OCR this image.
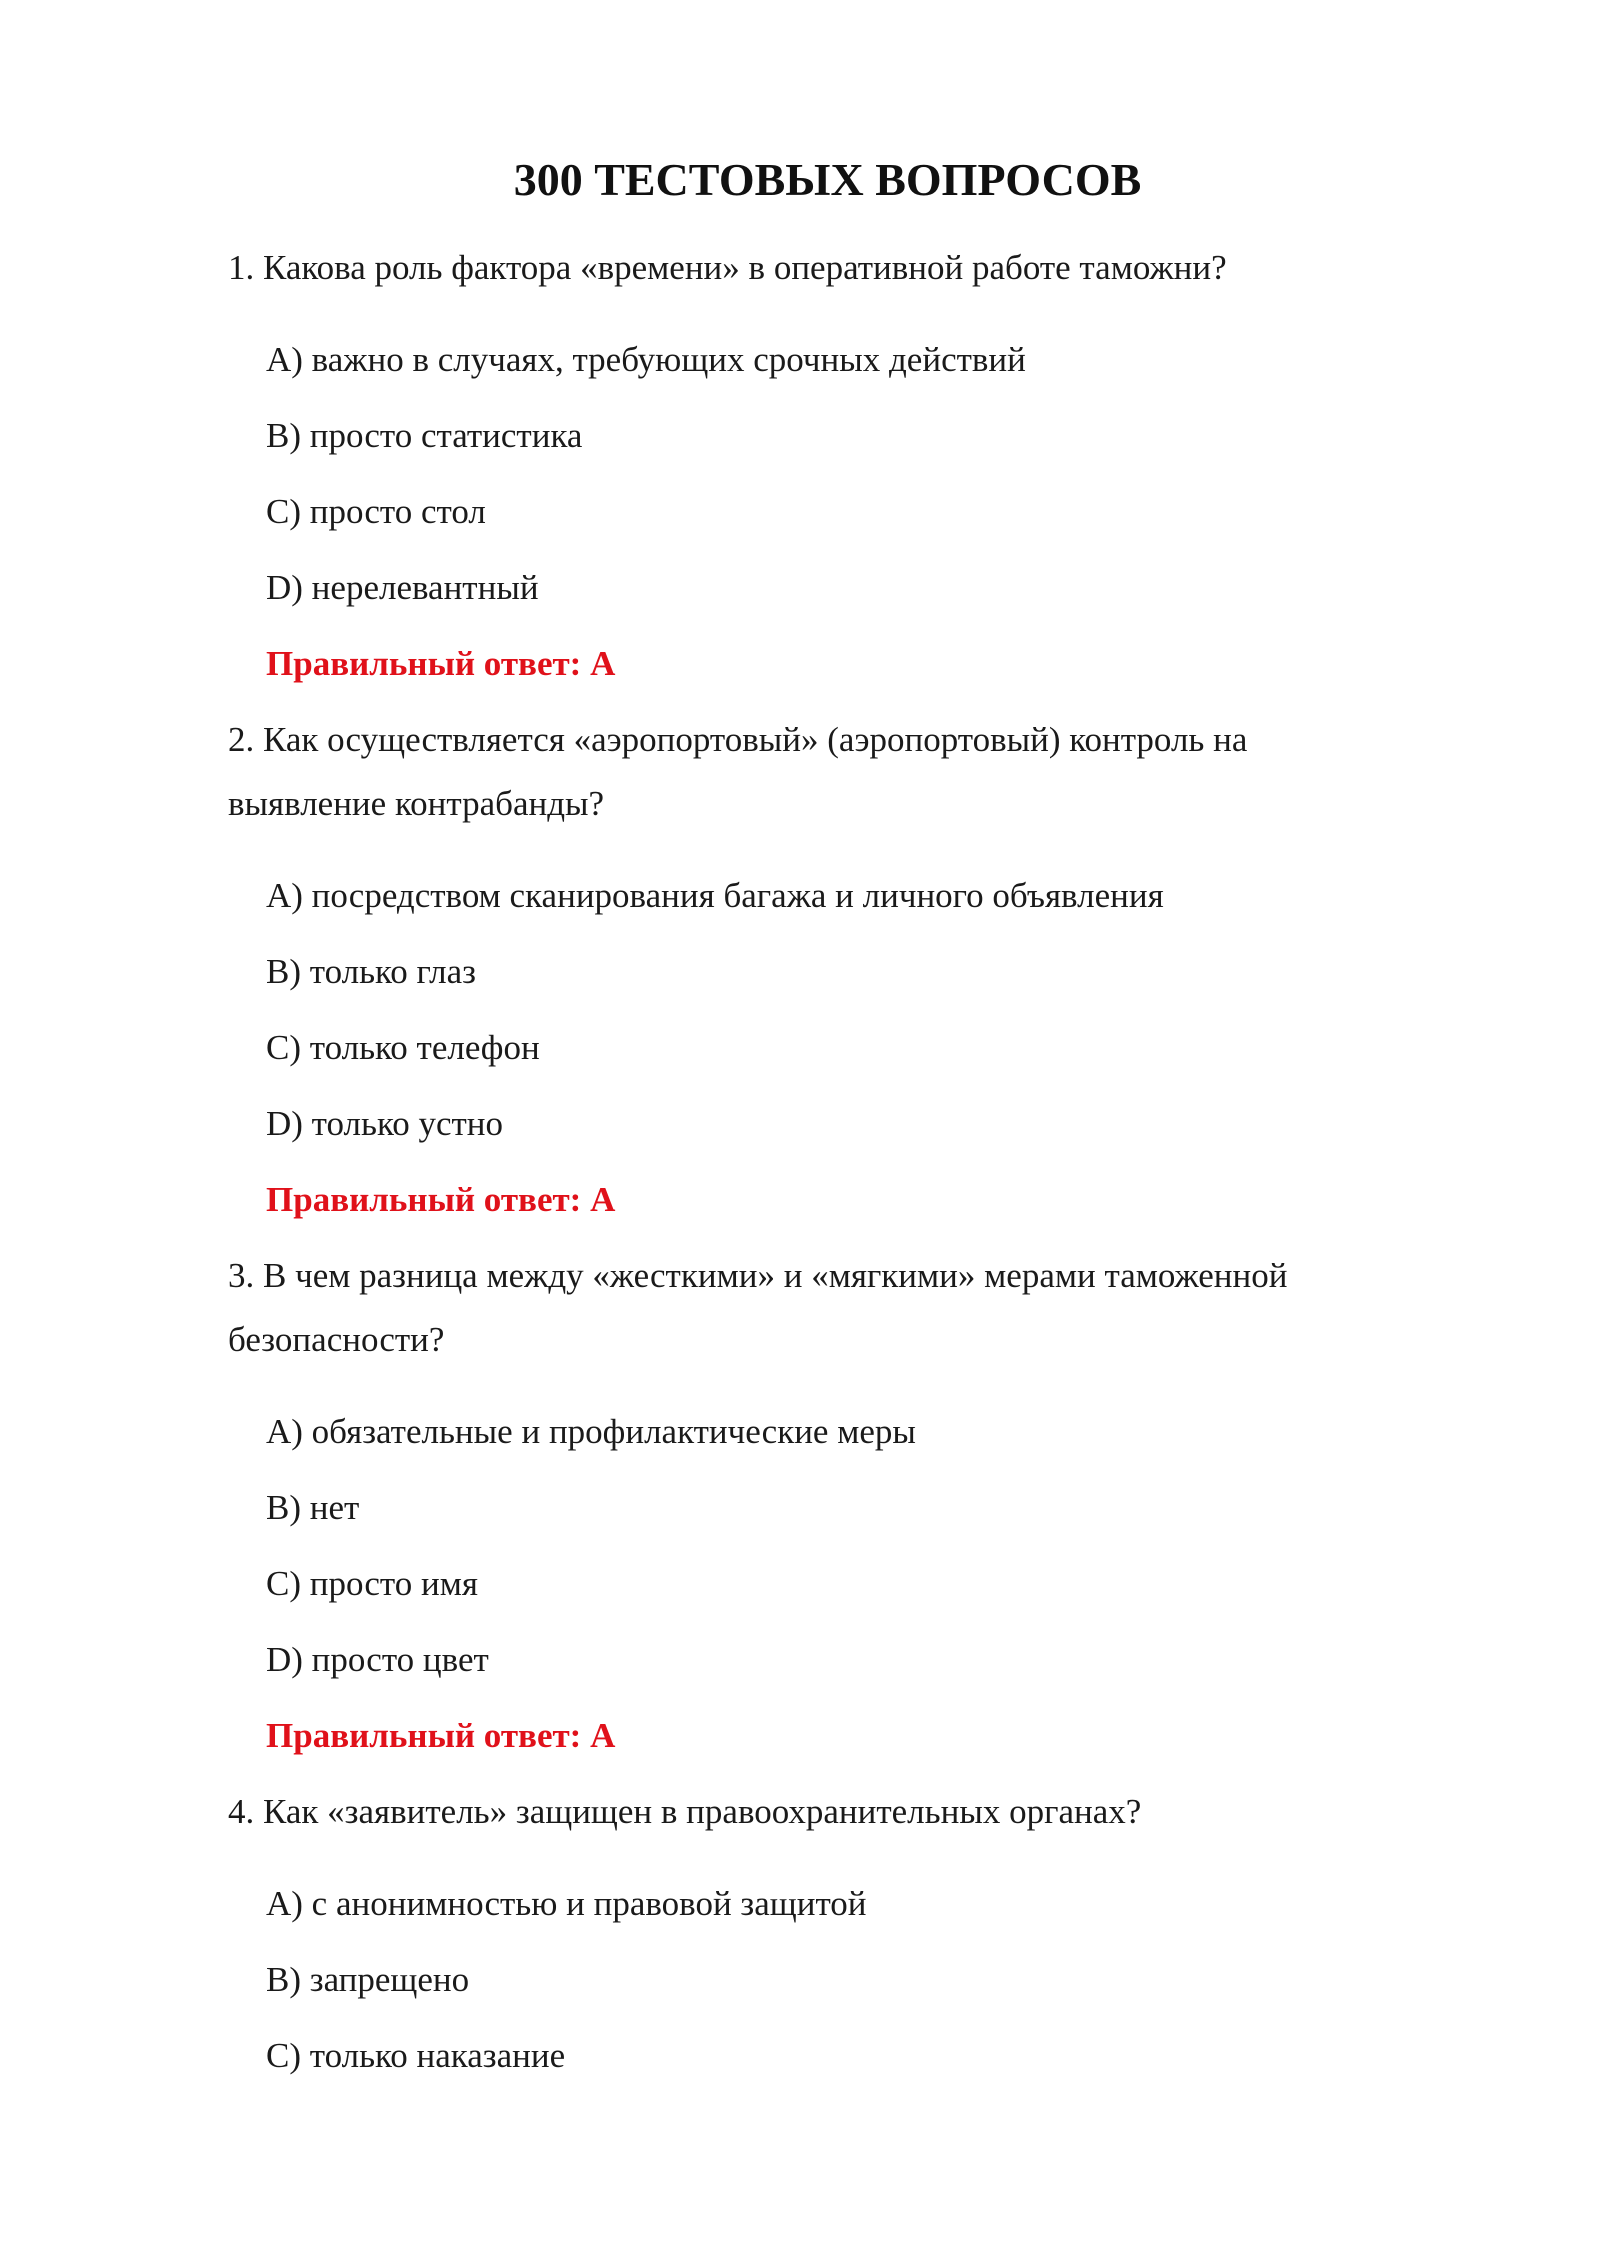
300 ТЕСТОВЫХ ВОПРОСОВ
1. Какова роль фактора «времени» в оперативной работе таможни?
A) важно в случаях, требующих срочных действий
B) просто статистика
C) просто стол
D) нерелевантный
Правильный ответ: A
2. Как осуществляется «аэропортовый» (аэропортовый) контроль на выявление контрабанды?
A) посредством сканирования багажа и личного объявления
B) только глаз
C) только телефон
D) только устно
Правильный ответ: A
3. В чем разница между «жесткими» и «мягкими» мерами таможенной безопасности?
A) обязательные и профилактические меры
B) нет
C) просто имя
D) просто цвет
Правильный ответ: A
4. Как «заявитель» защищен в правоохранительных органах?
A) с анонимностью и правовой защитой
B) запрещено
C) только наказание
